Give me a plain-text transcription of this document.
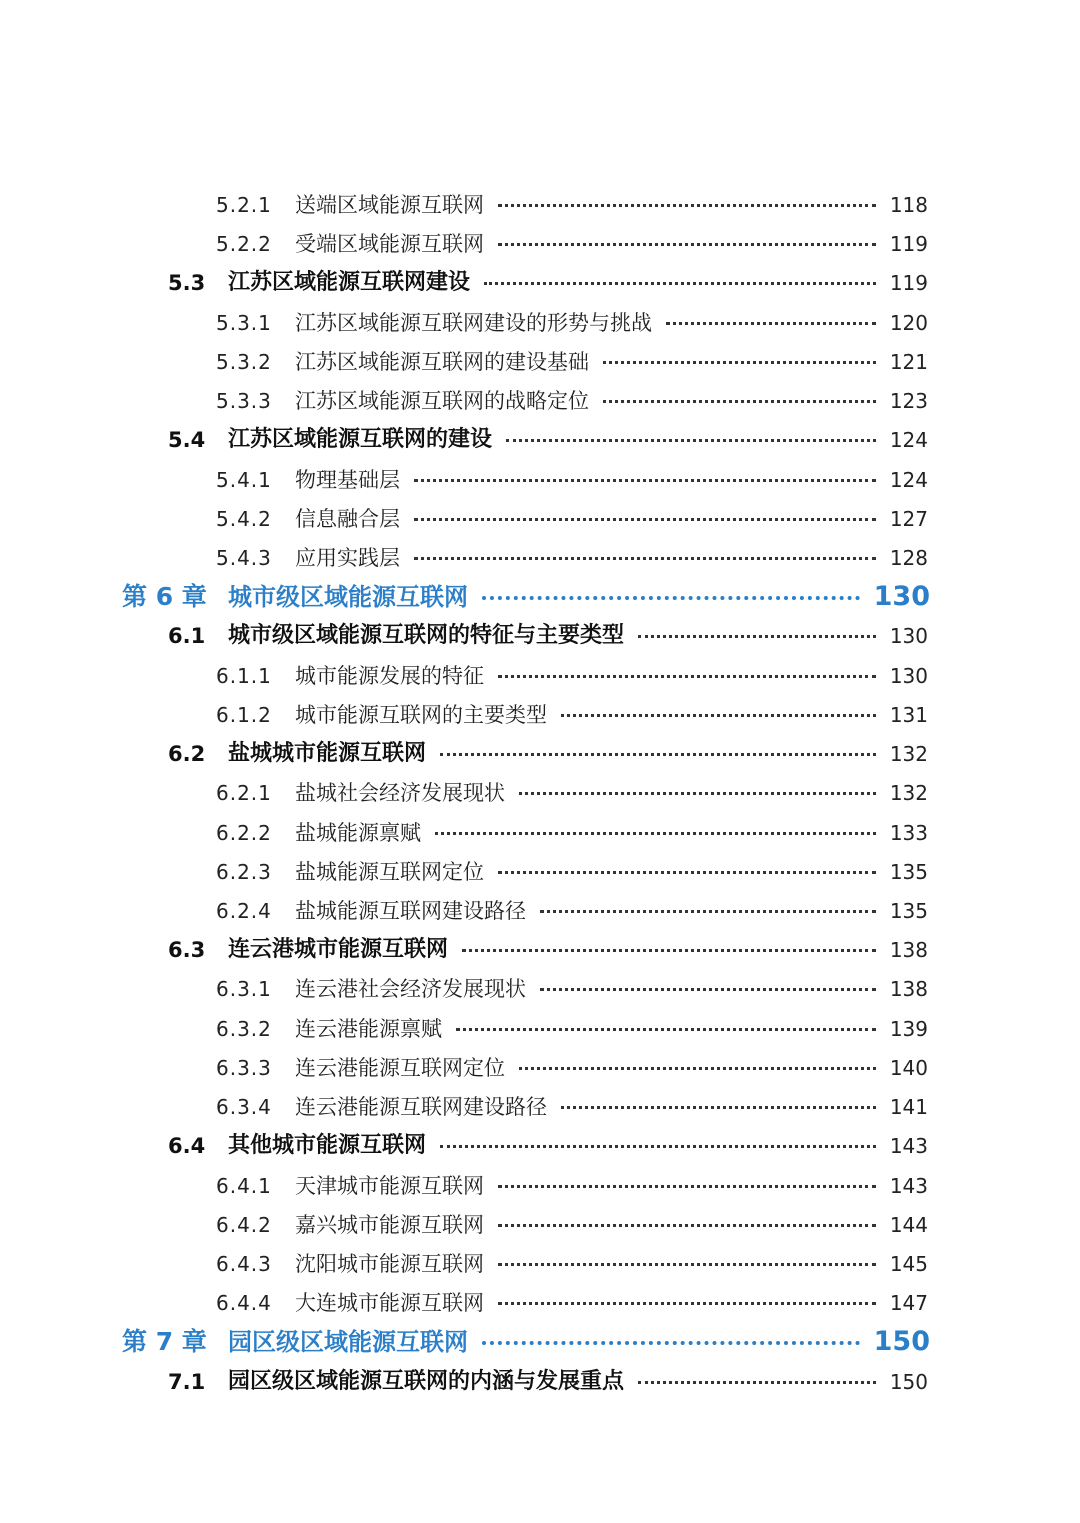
5.2.1 送端区域能源互联网	118
5.2.2 受端区域能源互联网	119
5.3 江苏区域能源互联网建设	119
5.3.1 江苏区域能源互联网建设的形势与挑战	120
5.3.2 江苏区域能源互联网的建设基础	121
5.3.3 江苏区域能源互联网的战略定位	123
5.4 江苏区域能源互联网的建设	124
5.4.1 物理基础层	124
5.4.2 信息融合层	127
5.4.3 应用实践层	128
第 6 章 城市级区域能源互联网	130
6.1 城市级区域能源互联网的特征与主要类型	130
6.1.1 城市能源发展的特征	130
6.1.2 城市能源互联网的主要类型	131
6.2 盐城城市能源互联网	132
6.2.1 盐城社会经济发展现状	132
6.2.2 盐城能源禀赋	133
6.2.3 盐城能源互联网定位	135
6.2.4 盐城能源互联网建设路径	135
6.3 连云港城市能源互联网	138
6.3.1 连云港社会经济发展现状	138
6.3.2 连云港能源禀赋	139
6.3.3 连云港能源互联网定位	140
6.3.4 连云港能源互联网建设路径	141
6.4 其他城市能源互联网	143
6.4.1 天津城市能源互联网	143
6.4.2 嘉兴城市能源互联网	144
6.4.3 沈阳城市能源互联网	145
6.4.4 大连城市能源互联网	147
第 7 章 园区级区域能源互联网	150
7.1 园区级区域能源互联网的内涵与发展重点	150
